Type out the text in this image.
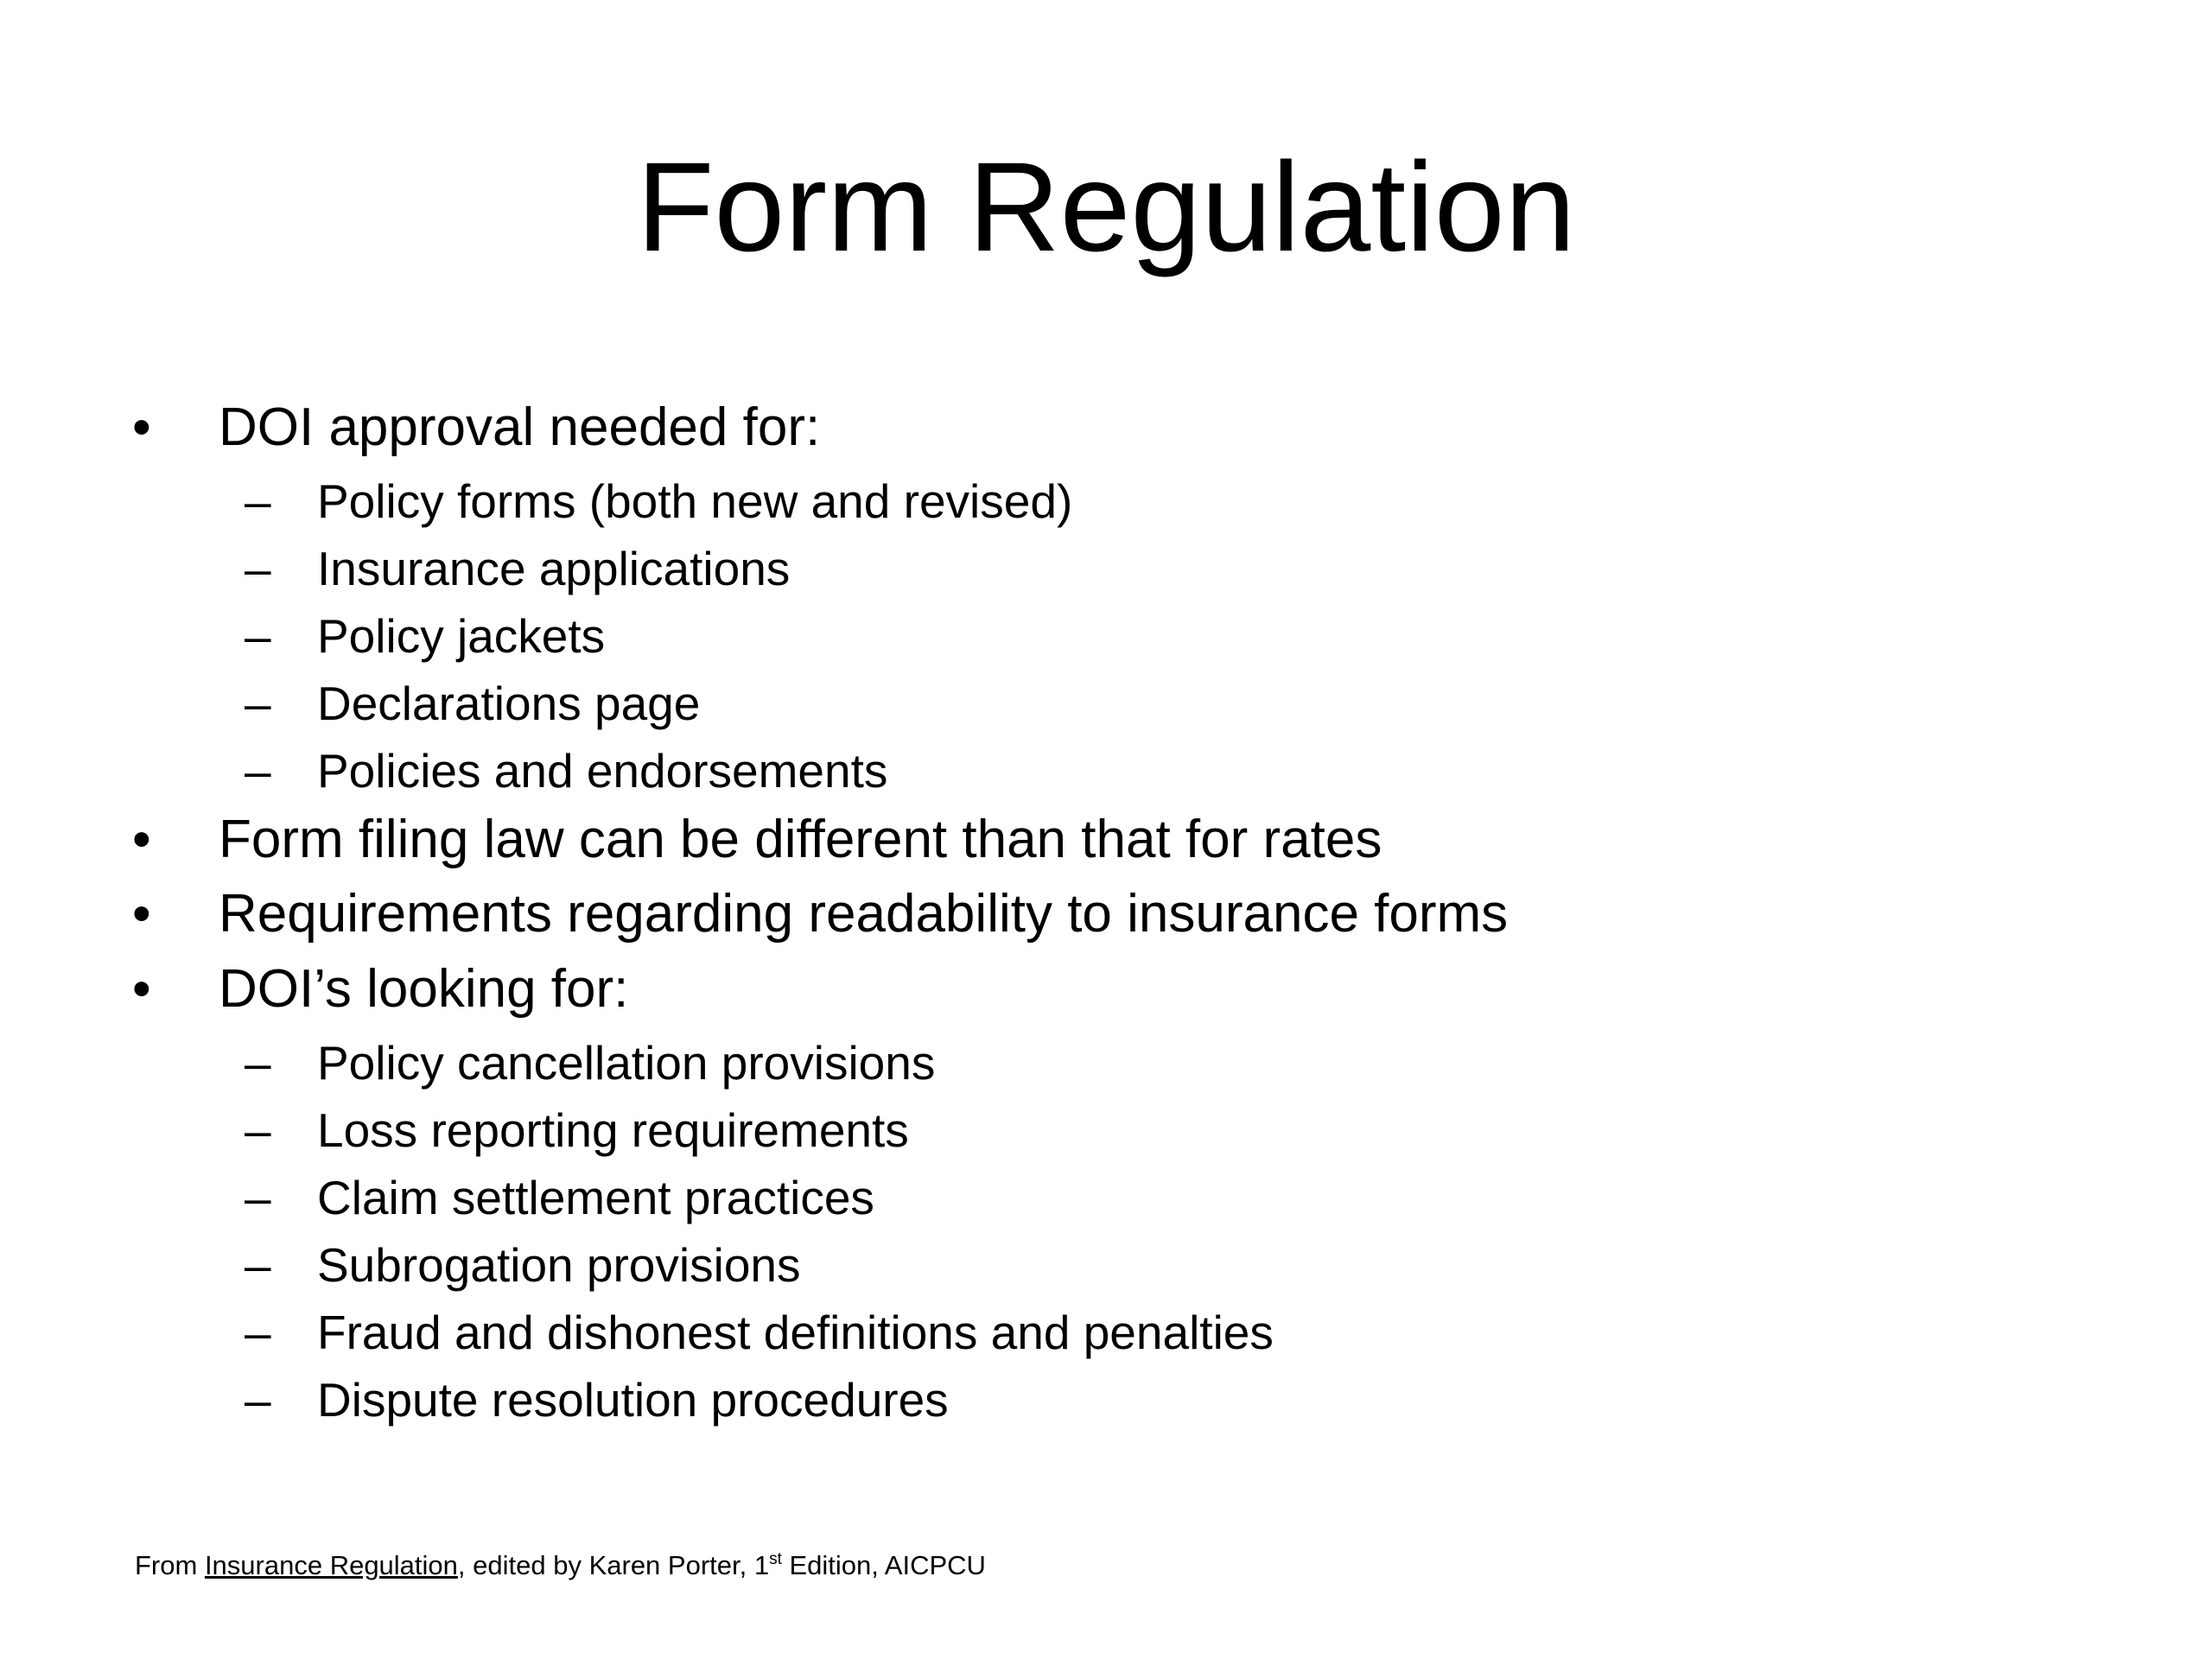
Form Regulation
• DOI approval needed for:
– Policy forms (both new and revised)
– Insurance applications
– Policy jackets
– Declarations page
– Policies and endorsements
• Form filing law can be different than that for rates
• Requirements regarding readability to insurance forms
• DOI’s looking for:
– Policy cancellation provisions
– Loss reporting requirements
– Claim settlement practices
– Subrogation provisions
– Fraud and dishonest definitions and penalties
– Dispute resolution procedures
From Insurance Regulation, edited by Karen Porter, 1st Edition, AICPCU
